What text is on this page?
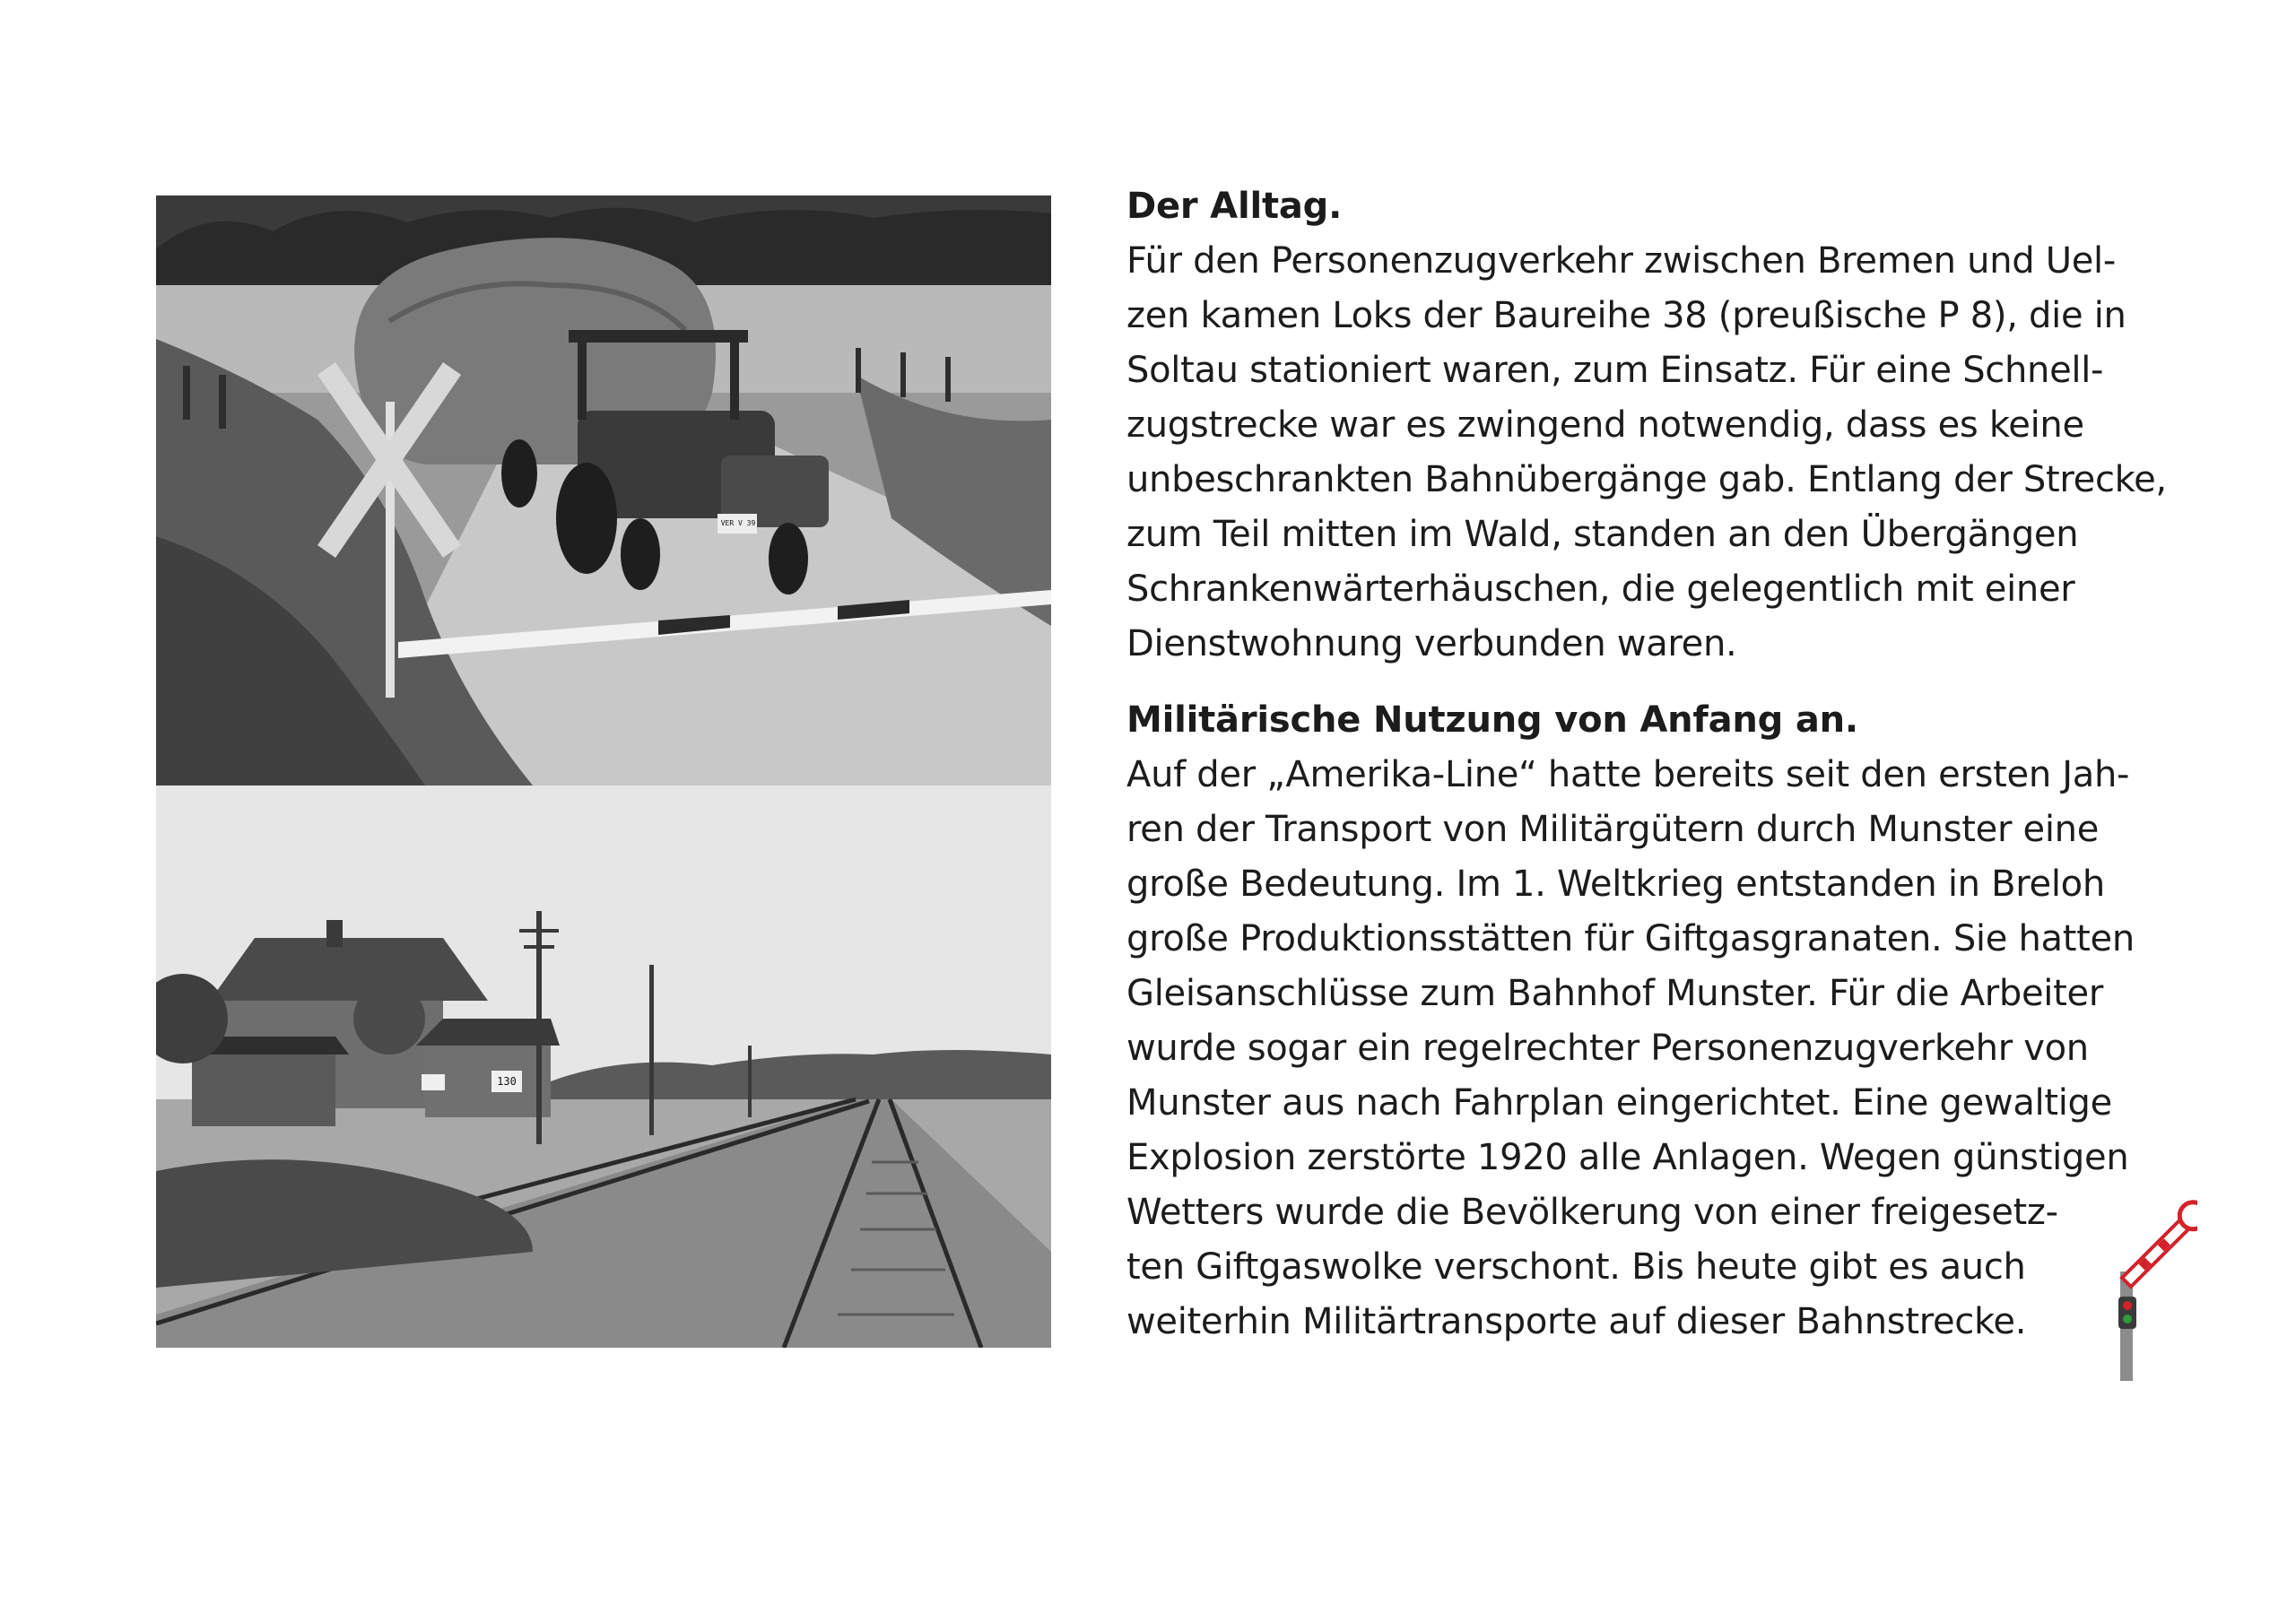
VER V 39
130
Der Alltag.
Für den Personenzugverkehr zwischen Bremen und Uel-
zen kamen Loks der Baureihe 38 (preußische P 8), die in
Soltau stationiert waren, zum Einsatz. Für eine Schnell-
zugstrecke war es zwingend notwendig, dass es keine
unbeschrankten Bahnübergänge gab. Entlang der Strecke,
zum Teil mitten im Wald, standen an den Übergängen
Schrankenwärterhäuschen, die gelegentlich mit einer
Dienstwohnung verbunden waren.
Militärische Nutzung von Anfang an.
Auf der „Amerika-Line“ hatte bereits seit den ersten Jah-
ren der Transport von Militärgütern durch Munster eine
große Bedeutung. Im 1. Weltkrieg entstanden in Breloh
große Produktionsstätten für Giftgasgranaten. Sie hatten
Gleisanschlüsse zum Bahnhof Munster. Für die Arbeiter
wurde sogar ein regelrechter Personenzugverkehr von
Munster aus nach Fahrplan eingerichtet. Eine gewaltige
Explosion zerstörte 1920 alle Anlagen. Wegen günstigen
Wetters wurde die Bevölkerung von einer freigesetz-
ten Giftgaswolke verschont. Bis heute gibt es auch
weiterhin Militärtransporte auf dieser Bahnstrecke.
